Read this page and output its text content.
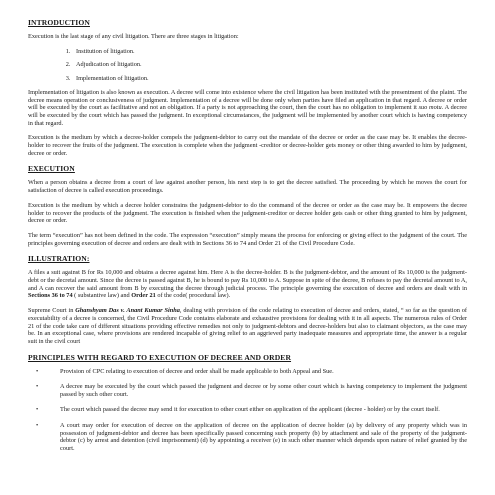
INTRODUCTION

Execution is the last stage of any civil litigation. There are three stages in litigation:

1. Institution of litigation.
2. Adjudication of litigation.
3. Implementation of litigation.

Implementation of litigation is also known as execution. A decree will come into existence where the civil litigation has been instituted with the presentment of the plaint. The decree means operation or conclusiveness of judgment. Implementation of a decree will be done only when parties have filed an application in that regard. A decree or order will be executed by the court as facilitative and not an obligation. If a party is not approaching the court, then the court has no obligation to implement it suo motu. A decree will be executed by the court which has passed the judgment. In exceptional circumstances, the judgment will be implemented by another court which is having competency in that regard.

Execution is the medium by which a decree-holder compels the judgment-debtor to carry out the mandate of the decree or order as the case may be. It enables the decree-holder to recover the fruits of the judgment. The execution is complete when the judgment -creditor or decree-holder gets money or other thing awarded to him by judgment, decree or order.

EXECUTION

When a person obtains a decree from a court of law against another person, his next step is to get the decree satisfied. The proceeding by which he moves the court for satisfaction of decree is called execution proceedings.

Execution is the medium by which a decree holder constrains the judgment-debtor to do the command of the decree or order as the case may be. It empowers the decree holder to recover the products of the judgment. The execution is finished when the judgment-creditor or decree holder gets cash or other thing granted to him by judgment, decree or order.

The term “execution” has not been defined in the code. The expression “execution” simply means the process for enforcing or giving effect to the judgment of the court. The principles governing execution of decree and orders are dealt with in Sections 36 to 74 and Order 21 of the Civil Procedure Code.

ILLUSTRATION:

A files a suit against B for Rs 10,000 and obtains a decree against him. Here A is the decree-holder. B is the judgment-debtor, and the amount of Rs 10,000 is the judgment-debt or the decretal amount. Since the decree is passed against B, he is bound to pay Rs 10,000 to A. Suppose in spite of the decree, B refuses to pay the decretal amount to A, and A can recover the said amount from B by executing the decree through judicial process. The principle governing the execution of decree and orders are dealt with in Sections 36 to 74 ( substantive law) and Order 21 of the code( procedural law).

Supreme Court in Ghanshyam Das v. Anant Kumar Sinha, dealing with provision of the code relating to execution of decree and orders, stated, “ so far as the question of executability of a decree is concerned, the Civil Procedure Code contains elaborate and exhaustive provisions for dealing with it in all aspects. The numerous rules of Order 21 of the code take care of different situations providing effective remedies not only to judgment-debtors and decree-holders but also to claimant objectors, as the case may be. In an exceptional case, where provisions are rendered incapable of giving relief to an aggrieved party inadequate measures and appropriate time, the answer is a regular suit in the civil court

PRINCIPLES WITH REGARD TO EXECUTION OF DECREE AND ORDER
•	Provision of CPC relating to execution of decree and order shall be made applicable to both Appeal and Sue.
•	A decree may be executed by the court which passed the judgment and decree or by some other court which is having competency to implement the judgment passed by such other court.
•	The court which passed the decree may send it for execution to other court either on application of the applicant (decree - holder) or by the court itself.
•	A court may order for execution of decree on the application of decree on the application of decree holder (a) by delivery of any property which was in possession of judgment-debtor and decree has been specifically passed concerning such property (b) by attachment and sale of the property of the judgment-debtor (c) by arrest and detention (civil imprisonment) (d) by appointing a receiver (e) in such other manner which depends upon nature of relief granted by the court.
